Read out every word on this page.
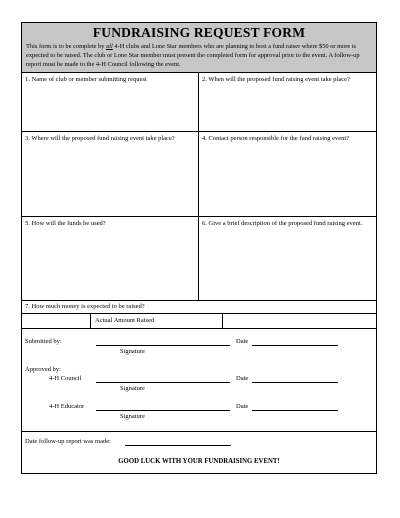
FUNDRAISING REQUEST FORM
This form is to be complete by all 4-H clubs and Lone Star members who are planning to host a fund raiser where $50 or more is expected to be raised. The club or Lone Star member must present the completed form for approval prior to the event. A follow-up report must be made to the 4-H Council following the event.
1. Name of club or member submitting request	2. When will the proposed fund raising event take place?
3. Where will the proposed fund raising event take place?	4. Contact person responsible for the fund raising event?
5. How will the funds be used?	6. Give a brief description of the proposed fund raising event.
7. How much money is expected to be raised?
Actual Amount Raised
Submitted by:
Signature
Date
Approved by:
4-H Council
Signature
Date
4-H Educator
Signature
Date
Date follow-up report was made:
GOOD LUCK WITH YOUR FUNDRAISING EVENT!
